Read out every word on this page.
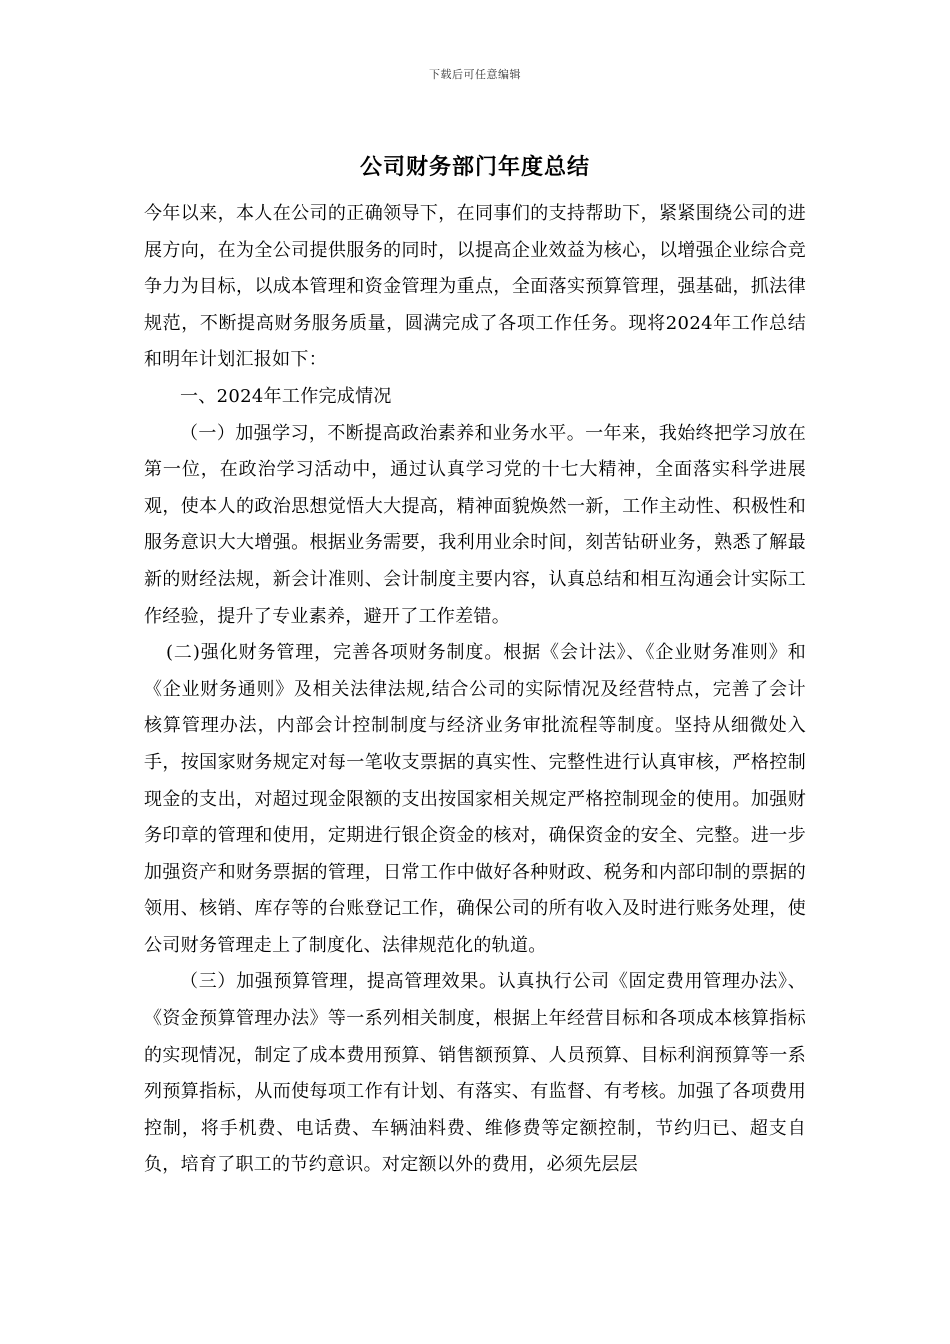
下载后可任意编辑
公司财务部门年度总结

今年以来，本人在公司的正确领导下，在同事们的支持帮助下，紧紧围绕公司的进展方向，在为全公司提供服务的同时，以提高企业效益为核心，以增强企业综合竞争力为目标，以成本管理和资金管理为重点，全面落实预算管理，强基础，抓法律规范，不断提高财务服务质量，圆满完成了各项工作任务。现将2024年工作总结和明年计划汇报如下：

一、2024年工作完成情况

（一）加强学习，不断提高政治素养和业务水平。一年来，我始终把学习放在第一位，在政治学习活动中，通过认真学习党的十七大精神，全面落实科学进展观，使本人的政治思想觉悟大大提高，精神面貌焕然一新，工作主动性、积极性和服务意识大大增强。根据业务需要，我利用业余时间，刻苦钻研业务，熟悉了解最新的财经法规，新会计准则、会计制度主要内容，认真总结和相互沟通会计实际工作经验，提升了专业素养，避开了工作差错。

(二)强化财务管理，完善各项财务制度。根据《会计法》、《企业财务准则》和《企业财务通则》及相关法律法规,结合公司的实际情况及经营特点，完善了会计核算管理办法，内部会计控制制度与经济业务审批流程等制度。坚持从细微处入手，按国家财务规定对每一笔收支票据的真实性、完整性进行认真审核，严格控制现金的支出，对超过现金限额的支出按国家相关规定严格控制现金的使用。加强财务印章的管理和使用，定期进行银企资金的核对，确保资金的安全、完整。进一步加强资产和财务票据的管理，日常工作中做好各种财政、税务和内部印制的票据的领用、核销、库存等的台账登记工作，确保公司的所有收入及时进行账务处理，使公司财务管理走上了制度化、法律规范化的轨道。

（三）加强预算管理，提高管理效果。认真执行公司《固定费用管理办法》、《资金预算管理办法》等一系列相关制度，根据上年经营目标和各项成本核算指标的实现情况，制定了成本费用预算、销售额预算、人员预算、目标利润预算等一系列预算指标，从而使每项工作有计划、有落实、有监督、有考核。加强了各项费用控制，将手机费、电话费、车辆油料费、维修费等定额控制，节约归已、超支自负，培育了职工的节约意识。对定额以外的费用，必须先层层
